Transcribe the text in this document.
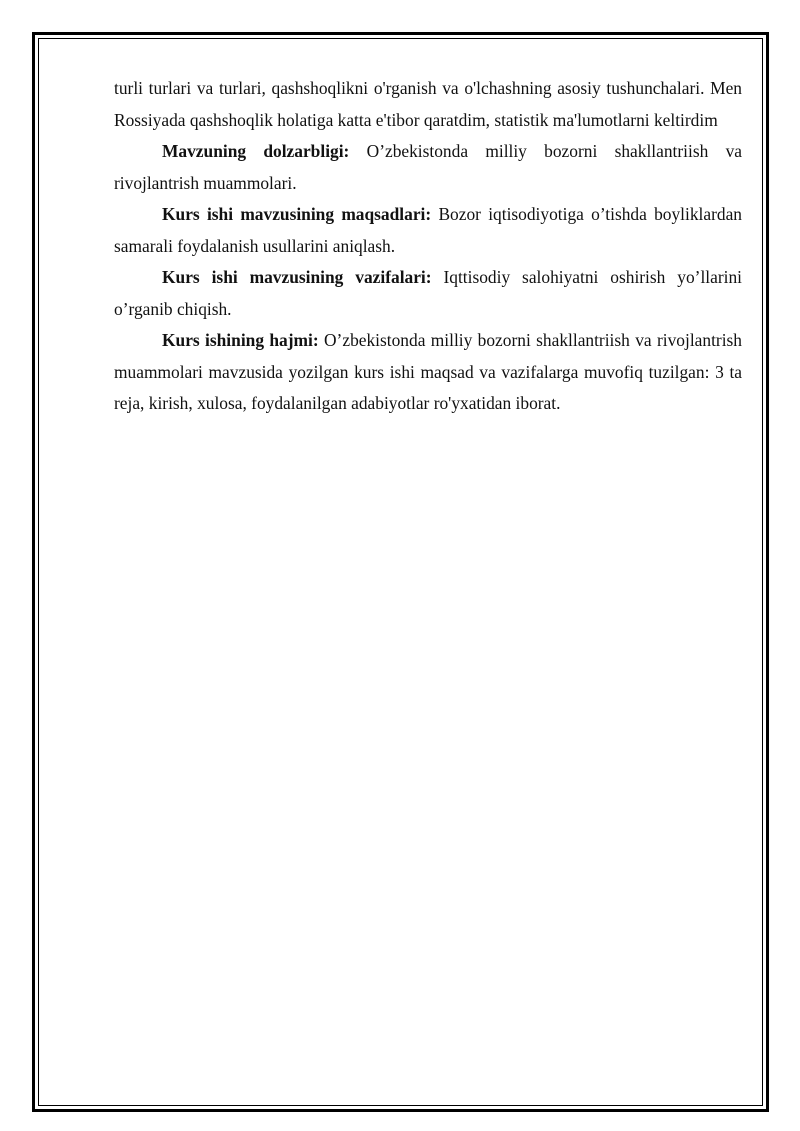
turli turlari va turlari, qashshoqlikni o'rganish va o'lchashning asosiy tushunchalari. Men Rossiyada qashshoqlik holatiga katta e'tibor qaratdim, statistik ma'lumotlarni keltirdim

Mavzuning dolzarbligi: O’zbekistonda milliy bozorni shakllantriish va rivojlantrish muammolari.

Kurs ishi mavzusining maqsadlari: Bozor iqtisodiyotiga o’tishda boyliklardan samarali foydalanish usullarini aniqlash.

Kurs ishi mavzusining vazifalari: Iqttisodiy salohiyatni oshirish yo’llarini o’rganib chiqish.

Kurs ishining hajmi: O’zbekistonda milliy bozorni shakllantriish va rivojlantrish muammolari mavzusida yozilgan kurs ishi maqsad va vazifalarga muvofiq tuzilgan: 3 ta reja, kirish, xulosa, foydalanilgan adabiyotlar ro'yxatidan iborat.
